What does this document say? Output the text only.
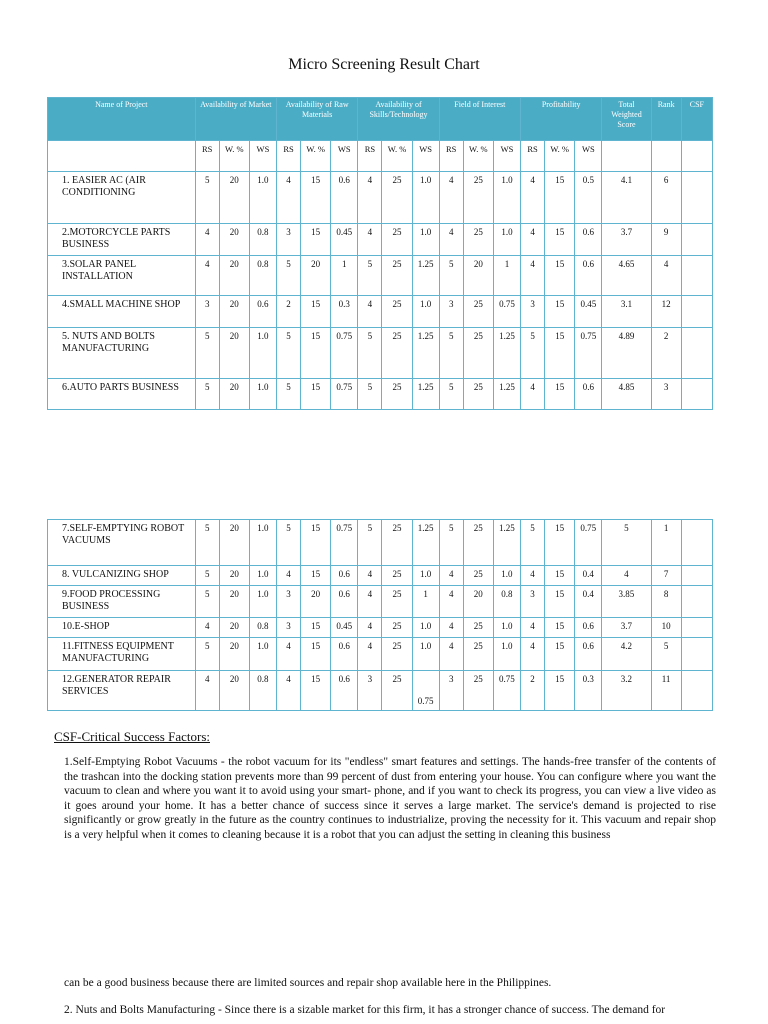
Micro Screening Result Chart
Name of Project	Availability of Market			Availability of Raw Materials			Availability of Skills/Technology			Field of Interest			Profitability			Total Weighted Score	Rank	CSF
	RS	W. %	WS	RS	W. %	WS	RS	W. %	WS	RS	W. %	WS	RS	W. %	WS			
1. EASIER AC (AIR CONDITIONING	5	20	1.0	4	15	0.6	4	25	1.0	4	25	1.0	4	15	0.5	4.1	6	
2.MOTORCYCLE PARTS BUSINESS	4	20	0.8	3	15	0.45	4	25	1.0	4	25	1.0	4	15	0.6	3.7	9	
3.SOLAR PANEL INSTALLATION	4	20	0.8	5	20	1	5	25	1.25	5	20	1	4	15	0.6	4.65	4	
4.SMALL MACHINE SHOP	3	20	0.6	2	15	0.3	4	25	1.0	3	25	0.75	3	15	0.45	3.1	12	
5. NUTS AND BOLTS MANUFACTURING	5	20	1.0	5	15	0.75	5	25	1.25	5	25	1.25	5	15	0.75	4.89	2	
6.AUTO PARTS BUSINESS	5	20	1.0	5	15	0.75	5	25	1.25	5	25	1.25	4	15	0.6	4.85	3	
7.SELF-EMPTYING ROBOT VACUUMS	5	20	1.0	5	15	0.75	5	25	1.25	5	25	1.25	5	15	0.75	5	1	
8. VULCANIZING SHOP	5	20	1.0	4	15	0.6	4	25	1.0	4	25	1.0	4	15	0.4	4	7	
9.FOOD PROCESSING BUSINESS	5	20	1.0	3	20	0.6	4	25	1	4	20	0.8	3	15	0.4	3.85	8	
10.E-SHOP	4	20	0.8	3	15	0.45	4	25	1.0	4	25	1.0	4	15	0.6	3.7	10	
11.FITNESS EQUIPMENT MANUFACTURING	5	20	1.0	4	15	0.6	4	25	1.0	4	25	1.0	4	15	0.6	4.2	5	
12.GENERATOR REPAIR SERVICES	4	20	0.8	4	15	0.6	3	25	0.75	3	25	0.75	2	15	0.3	3.2	11	
CSF-Critical Success Factors:
1.Self-Emptying Robot Vacuums - the robot vacuum for its "endless" smart features and settings. The hands-free transfer of the contents of the trashcan into the docking station prevents more than 99 percent of dust from entering your house. You can configure where you want the vacuum to clean and where you want it to avoid using your smart- phone, and if you want to check its progress, you can view a live video as it goes around your home. It has a better chance of success since it serves a large market. The service's demand is projected to rise significantly or grow greatly in the future as the country continues to industrialize, proving the necessity for it. This vacuum and repair shop is a very helpful when it comes to cleaning because it is a robot that you can adjust the setting in cleaning this business
can be a good business because there are limited sources and repair shop available here in the Philippines.
2. Nuts and Bolts Manufacturing - Since there is a sizable market for this firm, it has a stronger chance of success. The demand for
